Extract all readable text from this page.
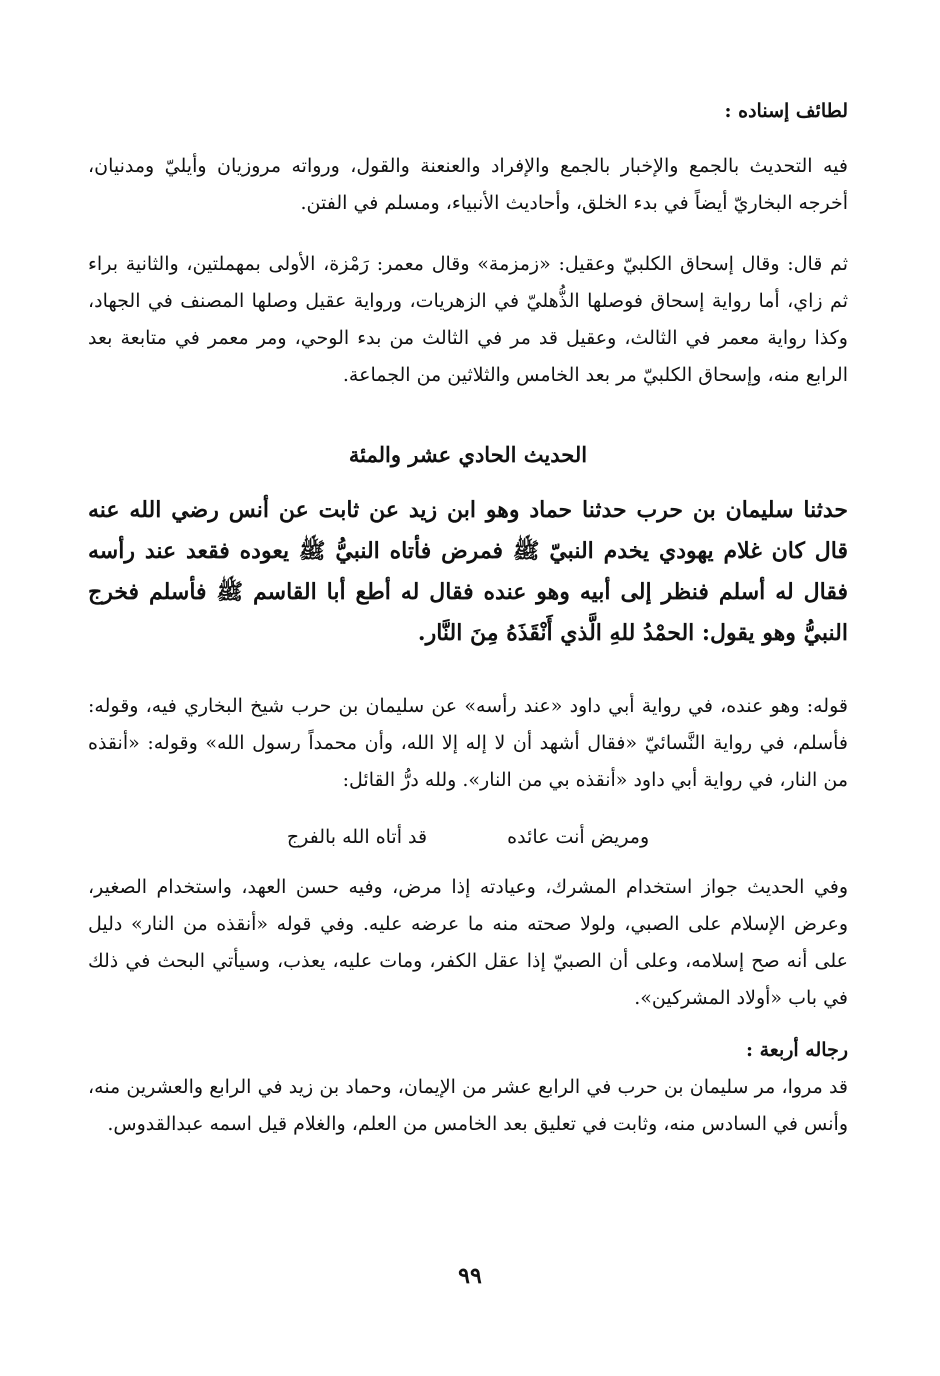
لطائف إسناده :

فيه التحديث بالجمع والإخبار بالجمع والإفراد والعنعنة والقول، ورواته مروزيان وأيليّ ومدنيان، أخرجه البخاريّ أيضاً في بدء الخلق، وأحاديث الأنبياء، ومسلم في الفتن.

ثم قال: وقال إسحاق الكلبيّ وعقيل: «زمزمة» وقال معمر: رَمْزة، الأولى بمهملتين، والثانية براء ثم زاي، أما رواية إسحاق فوصلها الذُّهليّ في الزهريات، ورواية عقيل وصلها المصنف في الجهاد، وكذا رواية معمر في الثالث، وعقيل قد مر في الثالث من بدء الوحي، ومر معمر في متابعة بعد الرابع منه، وإسحاق الكلبيّ مر بعد الخامس والثلاثين من الجماعة.

الحديث الحادي عشر والمئة

حدثنا سليمان بن حرب حدثنا حماد وهو ابن زيد عن ثابت عن أنس رضي الله عنه قال كان غلام يهودي يخدم النبيّ ﷺ فمرض فأتاه النبيُّ ﷺ يعوده فقعد عند رأسه فقال له أسلم فنظر إلى أبيه وهو عنده فقال له أطع أبا القاسم ﷺ فأسلم فخرج النبيُّ وهو يقول: الحمْدُ للهِ الَّذي أَنْقَذَهُ مِنَ النَّار.

قوله: وهو عنده، في رواية أبي داود «عند رأسه» عن سليمان بن حرب شيخ البخاري فيه، وقوله: فأسلم، في رواية النَّسائيّ «فقال أشهد أن لا إله إلا الله، وأن محمداً رسول الله» وقوله: «أنقذه من النار، في رواية أبي داود «أنقذه بي من النار». ولله درُّ القائل:

ومريض أنت عائده
قد أتاه الله بالفرج

وفي الحديث جواز استخدام المشرك، وعيادته إذا مرض، وفيه حسن العهد، واستخدام الصغير، وعرض الإسلام على الصبي، ولولا صحته منه ما عرضه عليه. وفي قوله «أنقذه من النار» دليل على أنه صح إسلامه، وعلى أن الصبيّ إذا عقل الكفر، ومات عليه، يعذب، وسيأتي البحث في ذلك في باب «أولاد المشركين».

رجاله أربعة :

قد مروا، مر سليمان بن حرب في الرابع عشر من الإيمان، وحماد بن زيد في الرابع والعشرين منه، وأنس في السادس منه، وثابت في تعليق بعد الخامس من العلم، والغلام قيل اسمه عبدالقدوس.

٩٩
